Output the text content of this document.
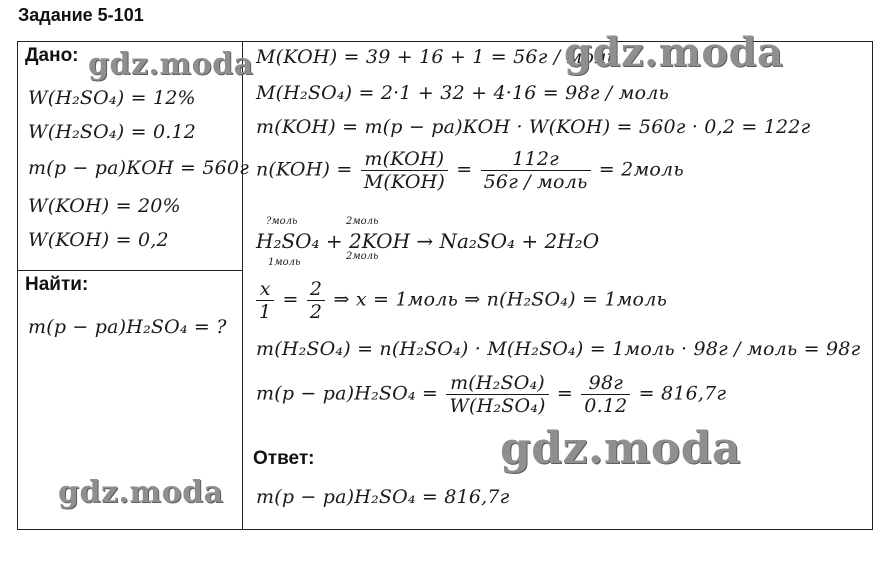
Задание 5-101
Дано:
W(H₂SO₄) = 12%
W(H₂SO₄) = 0.12
m(p − pa)КОН = 560г
W(KOH) = 20%
W(KOH) = 0,2
Найти:
m(p − pa)H₂SO₄ = ?
M(KOH) = 39 + 16 + 1 = 56г / моль
M(H₂SO₄) = 2·1 + 32 + 4·16 = 98г / моль
m(KOH) = m(p − pa)КОН · W(KOH) = 560г · 0,2 = 122г
$n(KOH) = \frac{\text{m(KOH)}}{\text{M(KOH)}} = \frac{112г}{\text{56г / моль}}$ = 2моль
?моль	2моль
H₂SO₄ + 2KOH → Na₂SO₄ + 2H₂O
1моль
2моль
$\frac{x}{1} = \frac{2}{2}$ ⇒ x = 1моль ⇒ n(H₂SO₄) = 1моль
m(H₂SO₄) = n(H₂SO₄) · M(H₂SO₄) = 1моль · 98г / моль = 98г
$m(p - pa)H_2SO_4 = \frac{\text{m(H₂SO₄)}}{\text{W(H₂SO₄)}} = \frac{98г}{0.12} = 816,7г$
Ответ:
m(p − pa)H₂SO₄ = 816,7г
gdz.moda	gdz.moda
gdz.moda
gdz.moda
